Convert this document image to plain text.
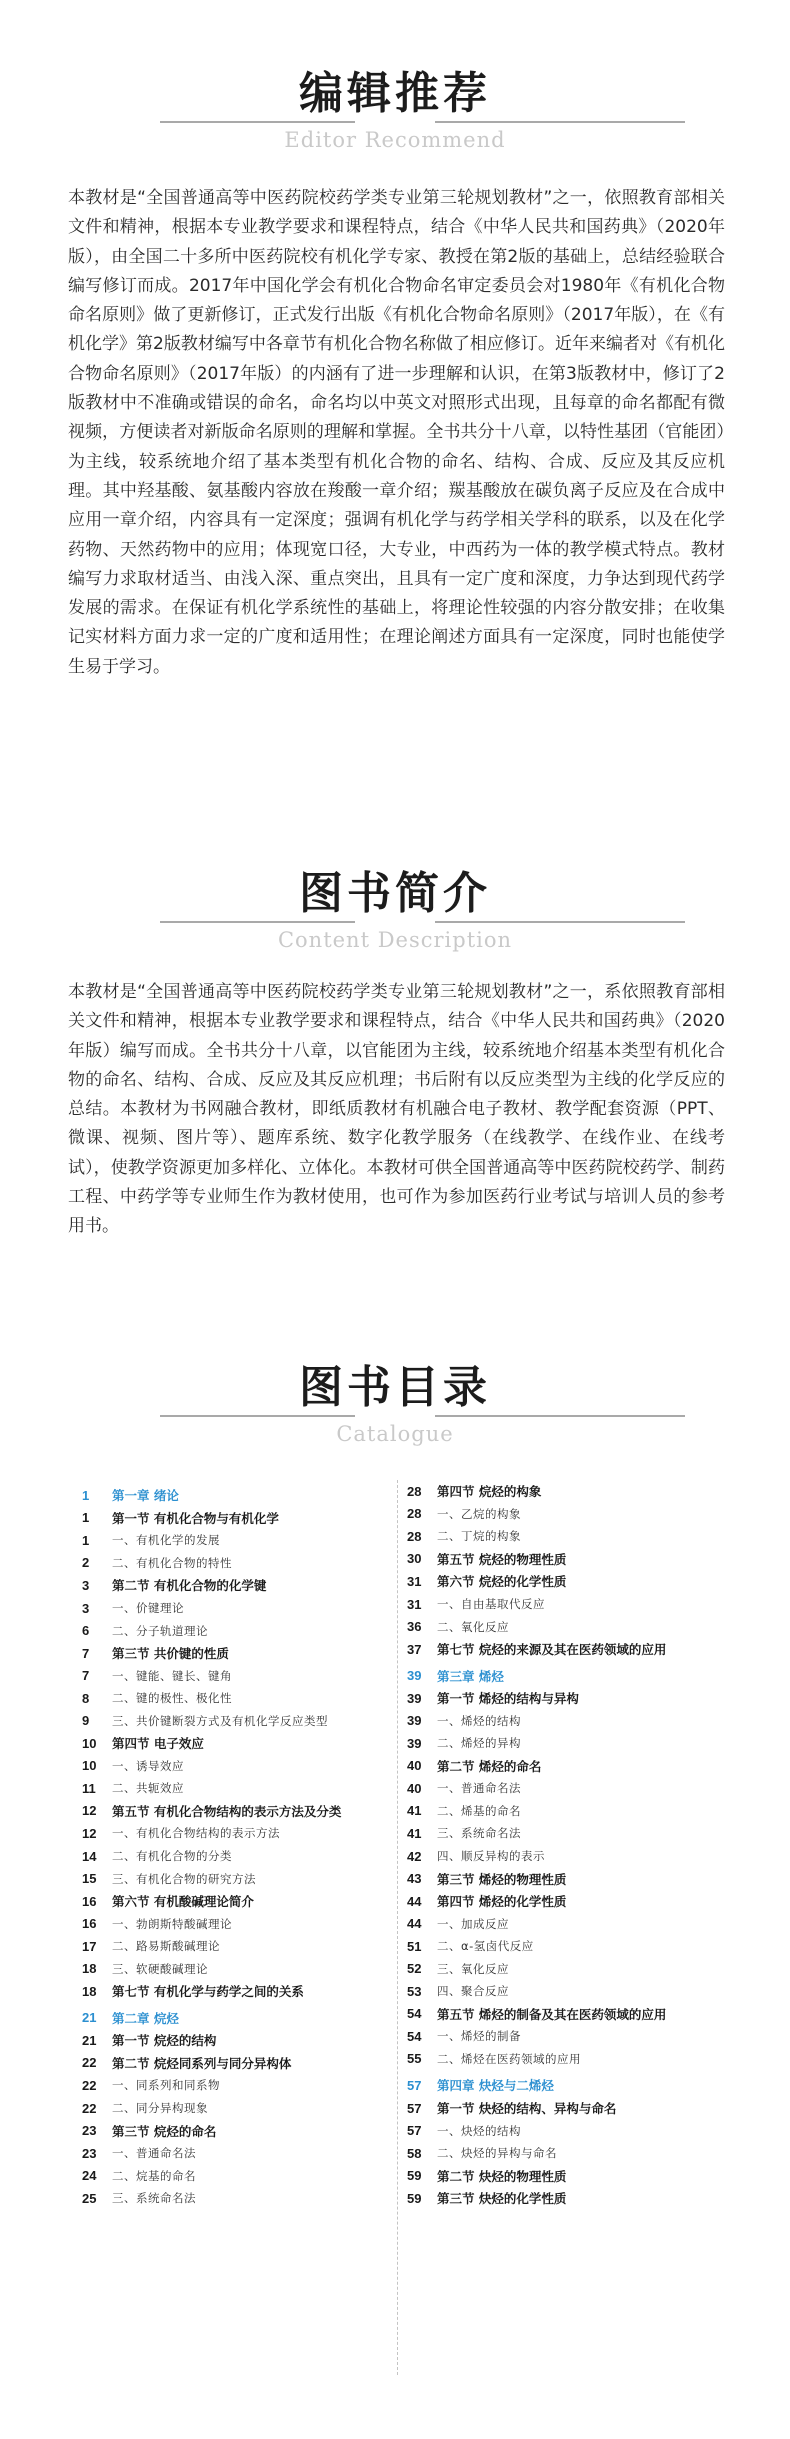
编辑推荐
Editor Recommend

本教材是“全国普通高等中医药院校药学类专业第三轮规划教材”之一，依照教育部相关文件和精神，根据本专业教学要求和课程特点，结合《中华人民共和国药典》（2020年版），由全国二十多所中医药院校有机化学专家、教授在第2版的基础上，总结经验联合编写修订而成。2017年中国化学会有机化合物命名审定委员会对1980年《有机化合物命名原则》做了更新修订，正式发行出版《有机化合物命名原则》（2017年版），在《有机化学》第2版教材编写中各章节有机化合物名称做了相应修订。近年来编者对《有机化合物命名原则》（2017年版）的内涵有了进一步理解和认识，在第3版教材中，修订了2版教材中不准确或错误的命名，命名均以中英文对照形式出现，且每章的命名都配有微视频，方便读者对新版命名原则的理解和掌握。全书共分十八章，以特性基团（官能团）为主线，较系统地介绍了基本类型有机化合物的命名、结构、合成、反应及其反应机理。其中羟基酸、氨基酸内容放在羧酸一章介绍；羰基酸放在碳负离子反应及在合成中应用一章介绍，内容具有一定深度；强调有机化学与药学相关学科的联系，以及在化学药物、天然药物中的应用；体现宽口径，大专业，中西药为一体的教学模式特点。教材编写力求取材适当、由浅入深、重点突出，且具有一定广度和深度，力争达到现代药学发展的需求。在保证有机化学系统性的基础上，将理论性较强的内容分散安排；在收集记实材料方面力求一定的广度和适用性；在理论阐述方面具有一定深度，同时也能使学生易于学习。

图书简介
Content Description

本教材是“全国普通高等中医药院校药学类专业第三轮规划教材”之一，系依照教育部相关文件和精神，根据本专业教学要求和课程特点，结合《中华人民共和国药典》（2020年版）编写而成。全书共分十八章，以官能团为主线，较系统地介绍基本类型有机化合物的命名、结构、合成、反应及其反应机理；书后附有以反应类型为主线的化学反应的总结。本教材为书网融合教材，即纸质教材有机融合电子教材、教学配套资源（PPT、微课、视频、图片等）、题库系统、数字化教学服务（在线教学、在线作业、在线考试），使教学资源更加多样化、立体化。本教材可供全国普通高等中医药院校药学、制药工程、中药学等专业师生作为教材使用，也可作为参加医药行业考试与培训人员的参考用书。

图书目录
Catalogue
1	第一章 绪论
1	第一节 有机化合物与有机化学
1	一、有机化学的发展
2	二、有机化合物的特性
3	第二节 有机化合物的化学键
3	一、价键理论
6	二、分子轨道理论
7	第三节 共价键的性质
7	一、键能、键长、键角
8	二、键的极性、极化性
9	三、共价键断裂方式及有机化学反应类型
10	第四节 电子效应
10	一、诱导效应
11	二、共轭效应
12	第五节 有机化合物结构的表示方法及分类
12	一、有机化合物结构的表示方法
14	二、有机化合物的分类
15	三、有机化合物的研究方法
16	第六节 有机酸碱理论简介
16	一、勃朗斯特酸碱理论
17	二、路易斯酸碱理论
18	三、软硬酸碱理论
18	第七节 有机化学与药学之间的关系
21	第二章 烷烃
21	第一节 烷烃的结构
22	第二节 烷烃同系列与同分异构体
22	一、同系列和同系物
22	二、同分异构现象
23	第三节 烷烃的命名
23	一、普通命名法
24	二、烷基的命名
25	三、系统命名法
28	第四节 烷烃的构象
28	一、乙烷的构象
28	二、丁烷的构象
30	第五节 烷烃的物理性质
31	第六节 烷烃的化学性质
31	一、自由基取代反应
36	二、氧化反应
37	第七节 烷烃的来源及其在医药领域的应用
39	第三章 烯烃
39	第一节 烯烃的结构与异构
39	一、烯烃的结构
39	二、烯烃的异构
40	第二节 烯烃的命名
40	一、普通命名法
41	二、烯基的命名
41	三、系统命名法
42	四、顺反异构的表示
43	第三节 烯烃的物理性质
44	第四节 烯烃的化学性质
44	一、加成反应
51	二、α-氢卤代反应
52	三、氧化反应
53	四、聚合反应
54	第五节 烯烃的制备及其在医药领域的应用
54	一、烯烃的制备
55	二、烯烃在医药领域的应用
57	第四章 炔烃与二烯烃
57	第一节 炔烃的结构、异构与命名
57	一、炔烃的结构
58	二、炔烃的异构与命名
59	第二节 炔烃的物理性质
59	第三节 炔烃的化学性质
